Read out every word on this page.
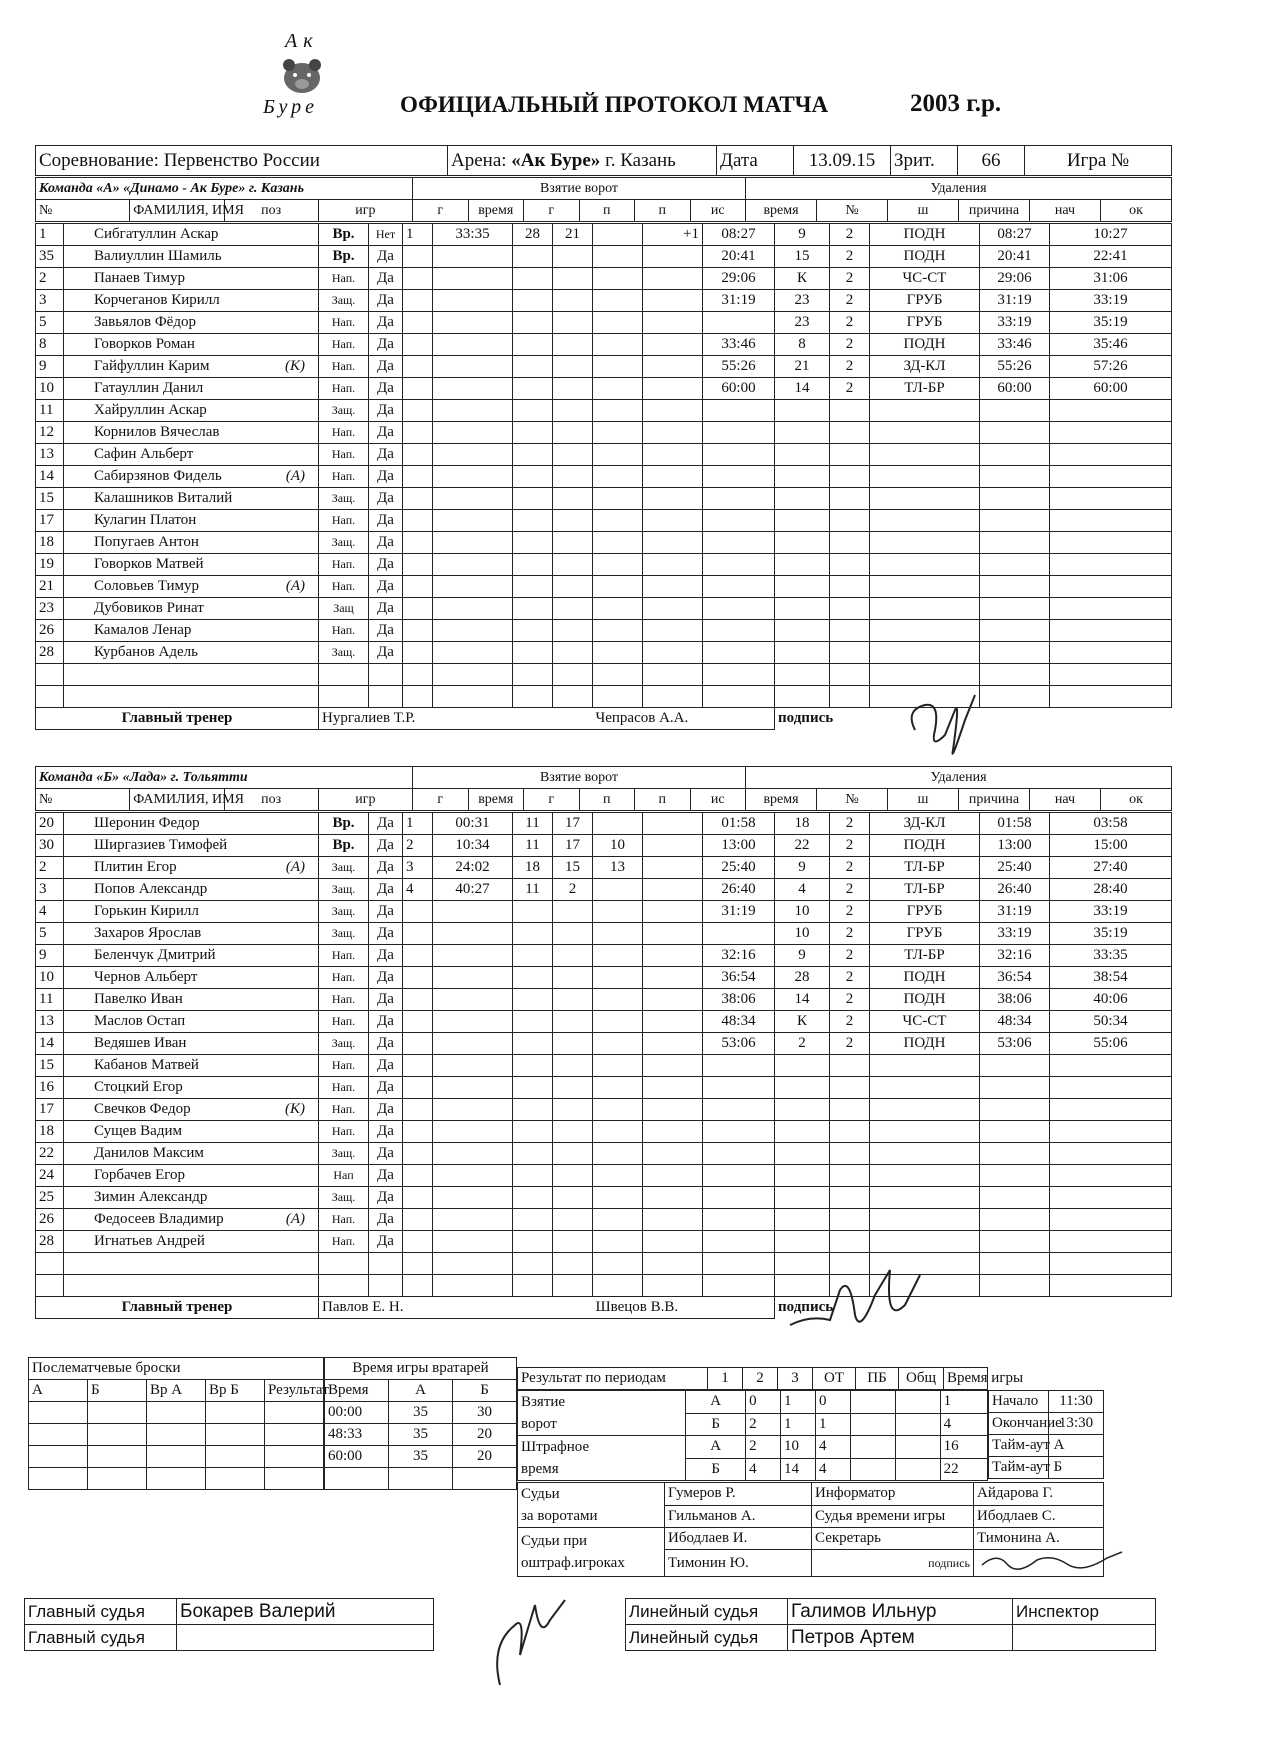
Ак
Буре	ОФИЦИАЛЬНЫЙ ПРОТОКОЛ МАТЧА	2003 г.р.
Соревнование: Первенство России	Арена: «Ак Буре» г. Казань	Дата	13.09.15	Зрит.	66	Игра №
Команда «А» «Динамо - Ак Буре» г. Казань				Взятие ворот						Удаления					
№	ФАМИЛИЯ, ИМЯ	поз	игр	г	время	г	п	п	ис	время	№	ш	причина	нач	ок
1	Сибгатуллин Аскар	Вр.	Нет	1	33:35	28	21		+1	08:27	9	2	ПОДН	08:27	10:27
35	Валиуллин Шамиль	Вр.	Да							20:41	15	2	ПОДН	20:41	22:41
2	Панаев Тимур	Нап.	Да							29:06	К	2	ЧС-СТ	29:06	31:06
3	Корчеганов Кирилл	Защ.	Да							31:19	23	2	ГРУБ	31:19	33:19
5	Завьялов Фёдор	Нап.	Да								23	2	ГРУБ	33:19	35:19
8	Говорков Роман	Нап.	Да							33:46	8	2	ПОДН	33:46	35:46
9	Гайфуллин Карим (К)	Нап.	Да							55:26	21	2	ЗД-КЛ	55:26	57:26
10	Гатауллин Данил	Нап.	Да							60:00	14	2	ТЛ-БР	60:00	60:00
11	Хайруллин Аскар	Защ.	Да												
12	Корнилов Вячеслав	Нап.	Да												
13	Сафин Альберт	Нап.	Да												
14	Сабирзянов Фидель (А)	Нап.	Да												
15	Калашников Виталий	Защ.	Да												
17	Кулагин Платон	Нап.	Да												
18	Попугаев Антон	Защ.	Да												
19	Говорков Матвей	Нап.	Да												
21	Соловьев Тимур (А)	Нап.	Да												
23	Дубовиков Ринат	Защ	Да												
26	Камалов Ленар	Нап.	Да												
28	Курбанов Адель	Защ.	Да												

Главный тренер		Нургалиев Т.Р.						Чепрасов А.А.			подпись				
Команда «Б» «Лада» г. Тольятти				Взятие ворот						Удаления					
№	ФАМИЛИЯ, ИМЯ	поз	игр	г	время	г	п	п	ис	время	№	ш	причина	нач	ок
20	Шеронин Федор	Вр.	Да	1	00:31	11	17			01:58	18	2	ЗД-КЛ	01:58	03:58
30	Ширгазиев Тимофей	Вр.	Да	2	10:34	11	17	10		13:00	22	2	ПОДН	13:00	15:00
2	Плитин Егор (А)	Защ.	Да	3	24:02	18	15	13		25:40	9	2	ТЛ-БР	25:40	27:40
3	Попов Александр	Защ.	Да	4	40:27	11	2			26:40	4	2	ТЛ-БР	26:40	28:40
4	Горькин Кирилл	Защ.	Да							31:19	10	2	ГРУБ	31:19	33:19
5	Захаров Ярослав	Защ.	Да								10	2	ГРУБ	33:19	35:19
9	Беленчук Дмитрий	Нап.	Да							32:16	9	2	ТЛ-БР	32:16	33:35
10	Чернов Альберт	Нап.	Да							36:54	28	2	ПОДН	36:54	38:54
11	Павелко Иван	Нап.	Да							38:06	14	2	ПОДН	38:06	40:06
13	Маслов Остап	Нап.	Да							48:34	К	2	ЧС-СТ	48:34	50:34
14	Ведяшев Иван	Защ.	Да							53:06	2	2	ПОДН	53:06	55:06
15	Кабанов Матвей	Нап.	Да												
16	Стоцкий Егор	Нап.	Да												
17	Свечков Федор (К)	Нап.	Да												
18	Сущев Вадим	Нап.	Да												
22	Данилов Максим	Защ.	Да												
24	Горбачев Егор	Нап	Да												
25	Зимин Александр	Защ.	Да												
26	Федосеев Владимир (А)	Нап.	Да												
28	Игнатьев Андрей	Нап.	Да												

Главный тренер		Павлов Е. Н.						Швецов В.В.			подпись				
Послематчевые броски				
А	Б	Вр А	Вр Б	Результат

Время игры вратарей		
Время	А	Б
00:00	35	30
48:33	35	20
60:00	35	20

Результат по периодам	1	2	3	ОТ	ПБ	Общ	Время игры
Взятие
ворот	А	0	1	0			1
	Б	2	1	1			4
Штрафное
время	А	2	10	4			16
	Б	4	14	4			22
Начало	11:30
Окончание	13:30
Тайм-аут А	
Тайм-аут Б	
Судьи
за воротами	Гумеров Р.	Информатор	Айдарова Г.
	Гильманов А.	Судья времени игры	Ибодлаев С.
Судьи при
оштраф.игроках	Ибодлаев И.	Секретарь	Тимонина А.
	Тимонин Ю.	подпись	
Главный судья	Бокарев Валерий		Линейный судья	Галимов Ильнур	Инспектор
Главный судья			Линейный судья	Петров Артем	
